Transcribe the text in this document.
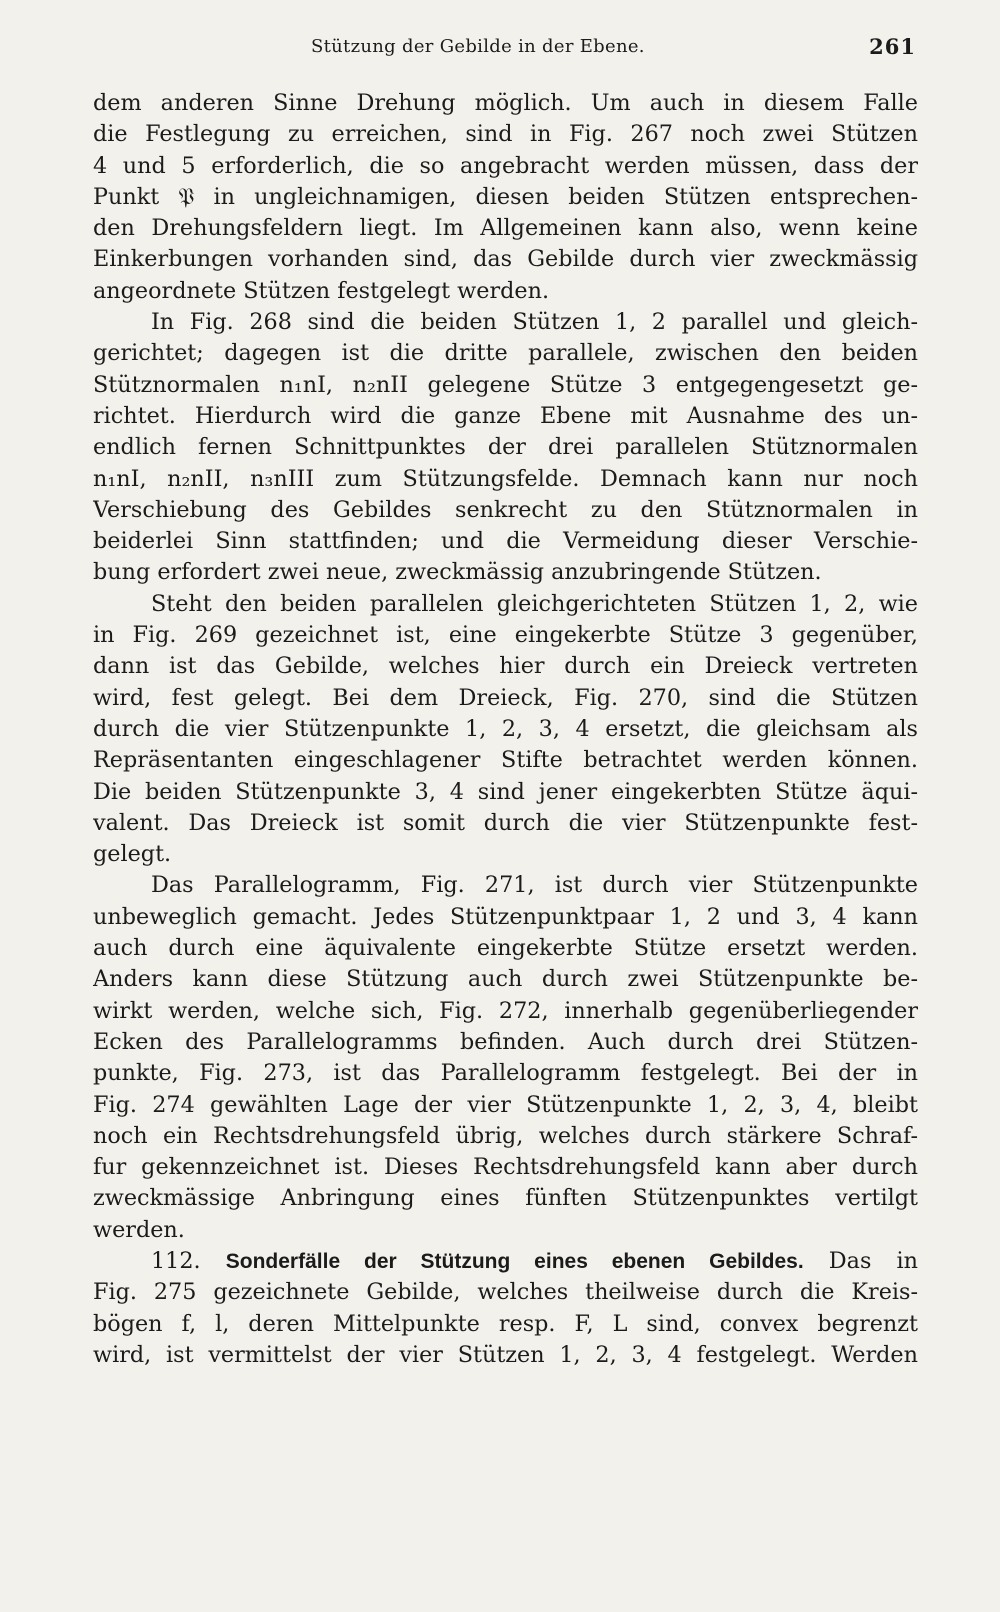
Stützung der Gebilde in der Ebene.	261
dem anderen Sinne Drehung möglich. Um auch in diesem Falle
die Festlegung zu erreichen, sind in Fig. 267 noch zwei Stützen
4 und 5 erforderlich, die so angebracht werden müssen, dass der
Punkt 𝔓 in ungleichnamigen, diesen beiden Stützen entsprechen-
den Drehungsfeldern liegt. Im Allgemeinen kann also, wenn keine
Einkerbungen vorhanden sind, das Gebilde durch vier zweckmässig
angeordnete Stützen festgelegt werden.
In Fig. 268 sind die beiden Stützen 1, 2 parallel und gleich-
gerichtet; dagegen ist die dritte parallele, zwischen den beiden
Stütznormalen n₁nI, n₂nII gelegene Stütze 3 entgegengesetzt ge-
richtet. Hierdurch wird die ganze Ebene mit Ausnahme des un-
endlich fernen Schnittpunktes der drei parallelen Stütznormalen
n₁nI, n₂nII, n₃nIII zum Stützungsfelde. Demnach kann nur noch
Verschiebung des Gebildes senkrecht zu den Stütznormalen in
beiderlei Sinn stattfinden; und die Vermeidung dieser Verschie-
bung erfordert zwei neue, zweckmässig anzubringende Stützen.
Steht den beiden parallelen gleichgerichteten Stützen 1, 2, wie
in Fig. 269 gezeichnet ist, eine eingekerbte Stütze 3 gegenüber,
dann ist das Gebilde, welches hier durch ein Dreieck vertreten
wird, fest gelegt. Bei dem Dreieck, Fig. 270, sind die Stützen
durch die vier Stützenpunkte 1, 2, 3, 4 ersetzt, die gleichsam als
Repräsentanten eingeschlagener Stifte betrachtet werden können.
Die beiden Stützenpunkte 3, 4 sind jener eingekerbten Stütze äqui-
valent. Das Dreieck ist somit durch die vier Stützenpunkte fest-
gelegt.
Das Parallelogramm, Fig. 271, ist durch vier Stützenpunkte
unbeweglich gemacht. Jedes Stützenpunktpaar 1, 2 und 3, 4 kann
auch durch eine äquivalente eingekerbte Stütze ersetzt werden.
Anders kann diese Stützung auch durch zwei Stützenpunkte be-
wirkt werden, welche sich, Fig. 272, innerhalb gegenüberliegender
Ecken des Parallelogramms befinden. Auch durch drei Stützen-
punkte, Fig. 273, ist das Parallelogramm festgelegt. Bei der in
Fig. 274 gewählten Lage der vier Stützenpunkte 1, 2, 3, 4, bleibt
noch ein Rechtsdrehungsfeld übrig, welches durch stärkere Schraf-
fur gekennzeichnet ist. Dieses Rechtsdrehungsfeld kann aber durch
zweckmässige Anbringung eines fünften Stützenpunktes vertilgt
werden.
112. Sonderfälle der Stützung eines ebenen Gebildes. Das in
Fig. 275 gezeichnete Gebilde, welches theilweise durch die Kreis-
bögen f, l, deren Mittelpunkte resp. F, L sind, convex begrenzt
wird, ist vermittelst der vier Stützen 1, 2, 3, 4 festgelegt. Werden
